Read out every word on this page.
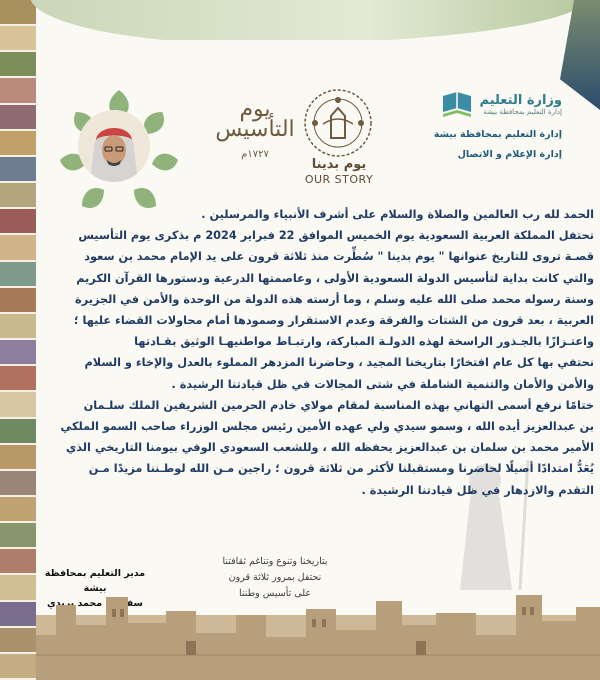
وزارة التعليم
إدارة التعليم بمحافظة بيشة
إدارة التعليم بمحافظة بيشة
إدارة الإعلام و الاتصال
يوم
التأسيس
١٧٢٧م
يوم بدينا
OUR STORY
الحمد لله رب العالمين والصلاة والسلام على أشرف الأنبياء والمرسلين .
تحتفل المملكة العربية السعودية يوم الخميس الموافق 22 فبراير 2024 م بذكرى يوم التأسيس
قصـة تروى للتاريخ عنوانها " يوم بدينا " سُطِّرت منذ ثلاثة قرون على يد الإمام محمد بن سعود
والتي كانت بداية لتأسيس الدولة السعودية الأولى ، وعاصمتها الدرعية ودستورها القرآن الكريم
وسنة رسوله محمد صلى الله عليه وسلم ، وما أرسته هذه الدولة من الوحدة والأمن في الجزيرة
العربية ، بعد قرون من الشتات والفرقة وعدم الاستقرار وصمودها أمام محاولات القضاء عليها ؛
واعتـزازًا بالجـذور الراسخة لهذه الدولـة المباركة، وارتبـاط مواطنيهـا الوثيق بقـادتها
نحتفي بها كل عام افتخارًا بتاريخنا المجيد ، وحاضرنا المزدهر المملوء بالعدل والإخاء و السلام
والأمن والأمان والتنمية الشاملة في شتى المجالات في ظل قيادتنا الرشيدة .
ختامًا نرفع أسمى التهاني بهذه المناسبة لمقام مولاي خادم الحرمين الشريفين الملك سلـمان
بن عبدالعزيز أيده الله ، وسمو سيدي ولي عهده الأمين رئيس مجلس الوزراء صاحب السمو الملكي
الأمير محمد بن سلمان بن عبدالعزيز يحفظه الله ، وللشعب السعودي الوفي بيومنا التاريخي الذي
يُعَدُّ امتدادًا أصيلًا لحاضرنا ومستقبلنا لأكثر من ثلاثة قرون ؛ راجين مـن الله لوطـننا مزيدًا مـن
التقدم والازدهار في ظل قيادتنا الرشيدة .
بتاريخنا وتنوع وتناغم ثقافتنا
نحتفل بمرور ثلاثة قرون
على تأسيس وطننا
مدير التعليم بمحافظة بيشة
سفر بن محمد بريدي
